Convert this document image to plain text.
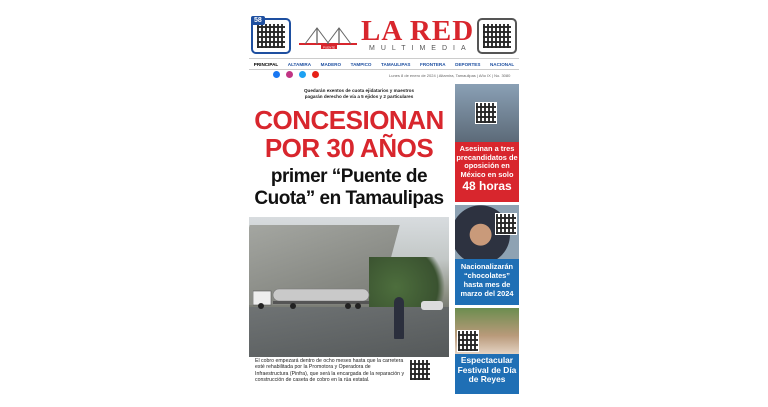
58
PUENTE
LA RED
MULTIMEDIA
PRINCIPAL ALTAMIRA MADERO TAMPICO TAMAULIPAS FRONTERA DEPORTES NACIONAL
Lunes 8 de enero de 2024 | Altamira, Tamaulipas | Año IX | No. 3080
Quedarán exentos de cuota ejidatarios y maestros
pagarán derecho de vía a 5 ejidos y 2 particulares
CONCESIONAN
POR 30 AÑOS
primer “Puente de
Cuota” en Tamaulipas
El cobro empezará dentro de ocho meses hasta que la carretera esté rehabilitada por la Promotora y Operadora de Infraestructura (Pinfra), que será la encargada de la reparación y construcción de caseta de cobro en la rúa estatal.
Asesinan a tres precandidatos de oposición en México en solo
48 horas
Nacionalizarán “chocolates” hasta mes de marzo del 2024
Espectacular Festival de Día de Reyes
